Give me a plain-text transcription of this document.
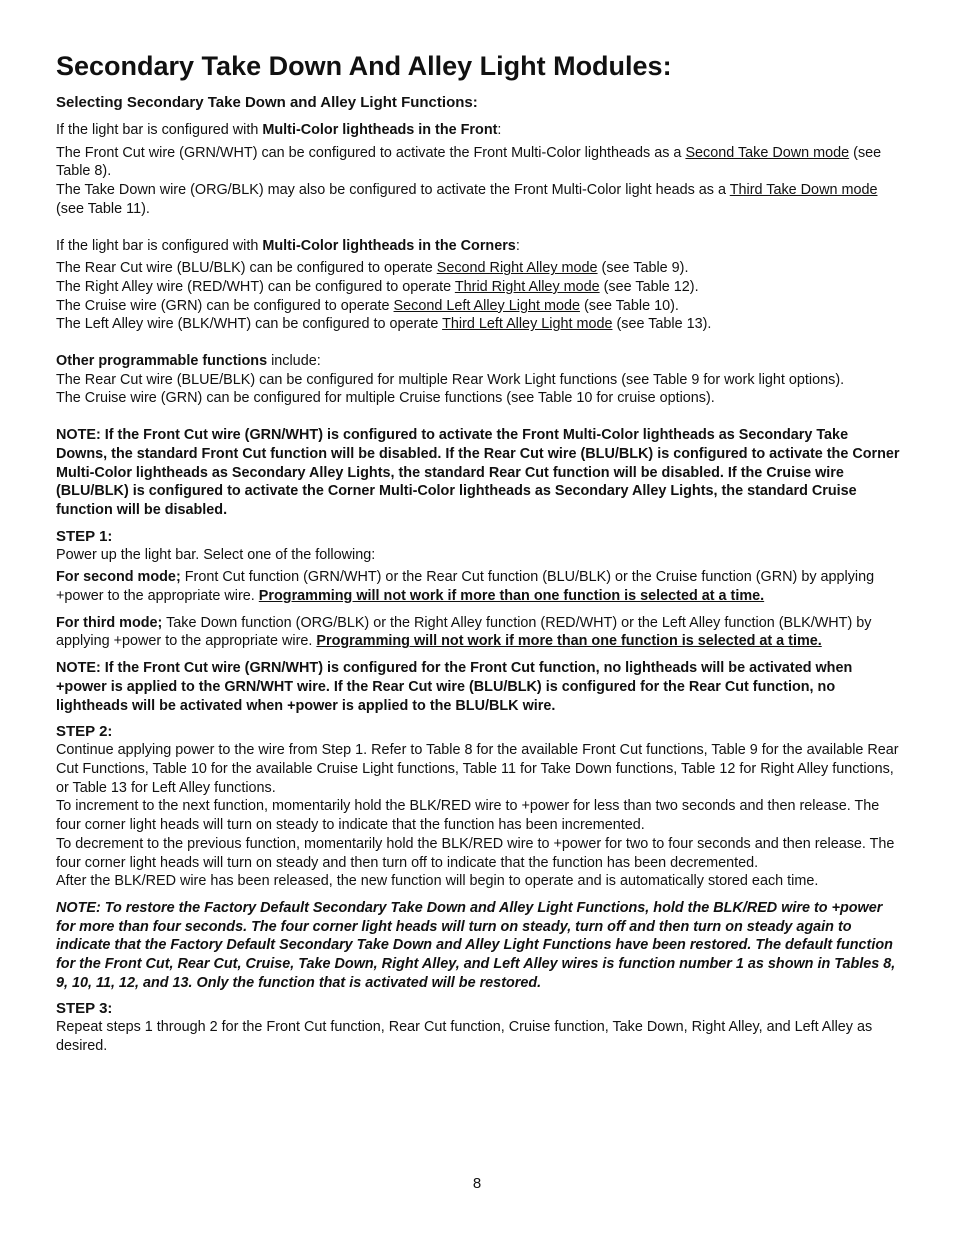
Secondary Take Down And Alley Light Modules:
Selecting Secondary Take Down and Alley Light Functions:

If the light bar is configured with Multi-Color lightheads in the Front:

The Front Cut wire (GRN/WHT) can be configured to activate the Front Multi-Color lightheads as a Second Take Down mode (see Table 8).

The Take Down wire (ORG/BLK) may also be configured to activate the Front Multi-Color light heads as a Third Take Down mode (see Table 11).

If the light bar is configured with Multi-Color lightheads in the Corners:

The Rear Cut wire (BLU/BLK) can be configured to operate Second Right Alley mode (see Table 9).

The Right Alley wire (RED/WHT) can be configured to operate Thrid Right Alley mode (see Table 12).

The Cruise wire (GRN) can be configured to operate Second Left Alley Light mode (see Table 10).

The Left Alley wire (BLK/WHT) can be configured to operate Third Left Alley Light mode (see Table 13).

Other programmable functions include:

The Rear Cut wire (BLUE/BLK) can be configured for multiple Rear Work Light functions (see Table 9 for work light options).

The Cruise wire (GRN) can be configured for multiple Cruise functions (see Table 10 for cruise options).

NOTE: If the Front Cut wire (GRN/WHT) is configured to activate the Front Multi-Color lightheads as Secondary Take Downs, the standard Front Cut function will be disabled. If the Rear Cut wire (BLU/BLK) is configured to activate the Corner Multi-Color lightheads as Secondary Alley Lights, the standard Rear Cut function will be disabled. If the Cruise wire (BLU/BLK) is configured to activate the Corner Multi-Color lightheads as Secondary Alley Lights, the standard Cruise function will be disabled.

STEP 1:

Power up the light bar. Select one of the following:

For second mode; Front Cut function (GRN/WHT) or the Rear Cut function (BLU/BLK) or the Cruise function (GRN) by applying +power to the appropriate wire. Programming will not work if more than one function is selected at a time.

For third mode; Take Down function (ORG/BLK) or the Right Alley function (RED/WHT) or the Left Alley function (BLK/WHT) by applying +power to the appropriate wire. Programming will not work if more than one function is selected at a time.

NOTE: If the Front Cut wire (GRN/WHT) is configured for the Front Cut function, no lightheads will be activated when +power is applied to the GRN/WHT wire. If the Rear Cut wire (BLU/BLK) is configured for the Rear Cut function, no lightheads will be activated when +power is applied to the BLU/BLK wire.

STEP 2:

Continue applying power to the wire from Step 1. Refer to Table 8 for the available Front Cut functions, Table 9 for the available Rear Cut Functions, Table 10 for the available Cruise Light functions, Table 11 for Take Down functions, Table 12 for Right Alley functions, or Table 13 for Left Alley functions.

To increment to the next function, momentarily hold the BLK/RED wire to +power for less than two seconds and then release. The four corner light heads will turn on steady to indicate that the function has been incremented.

To decrement to the previous function, momentarily hold the BLK/RED wire to +power for two to four seconds and then release. The four corner light heads will turn on steady and then turn off to indicate that the function has been decremented.

After the BLK/RED wire has been released, the new function will begin to operate and is automatically stored each time.

NOTE: To restore the Factory Default Secondary Take Down and Alley Light Functions, hold the BLK/RED wire to +power for more than four seconds. The four corner light heads will turn on steady, turn off and then turn on steady again to indicate that the Factory Default Secondary Take Down and Alley Light Functions have been restored. The default function for the Front Cut, Rear Cut, Cruise, Take Down, Right Alley, and Left Alley wires is function number 1 as shown in Tables 8, 9, 10, 11, 12, and 13. Only the function that is activated will be restored.

STEP 3:

Repeat steps 1 through 2 for the Front Cut function, Rear Cut function, Cruise function, Take Down, Right Alley, and Left Alley as desired.

8
